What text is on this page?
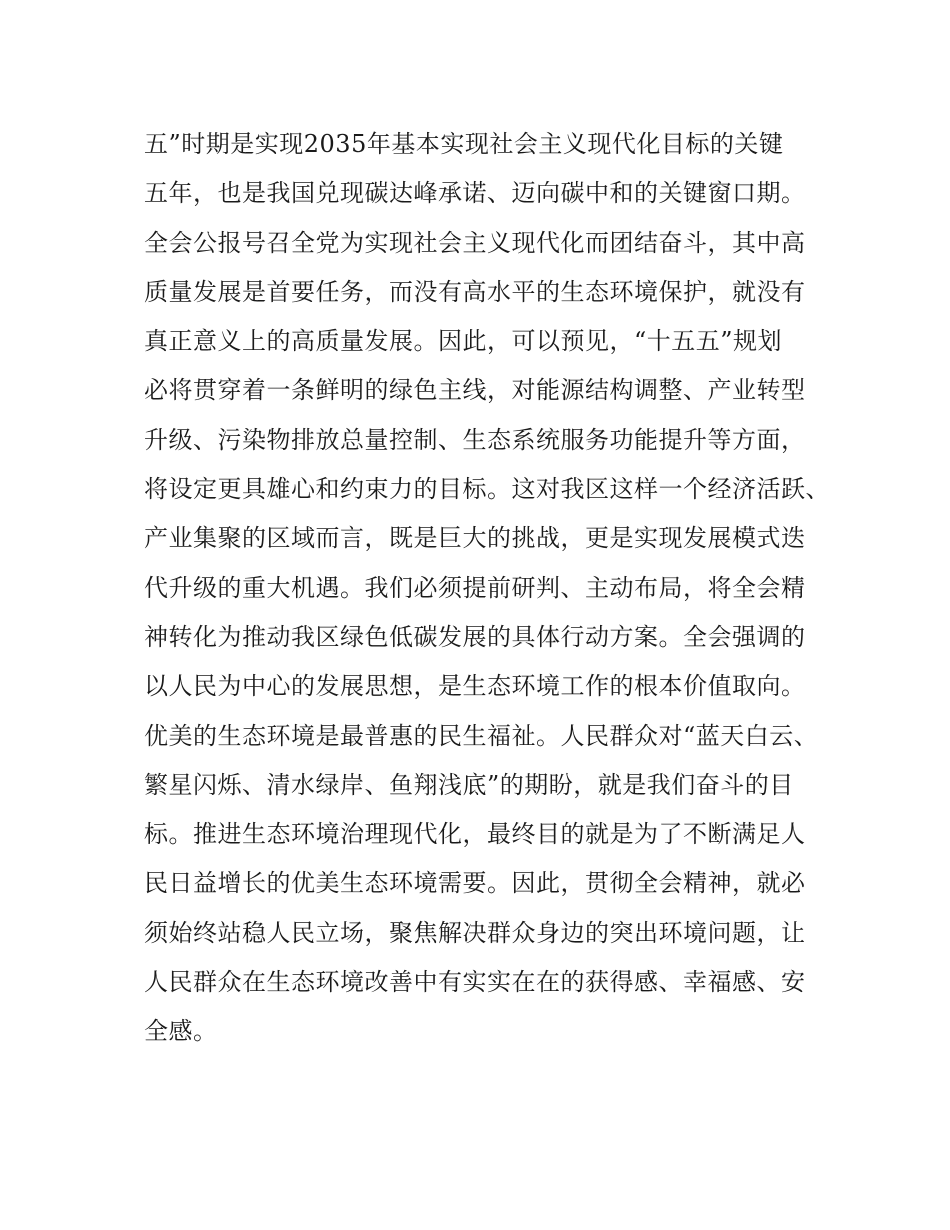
五”时期是实现2035年基本实现社会主义现代化目标的关键
五年，也是我国兑现碳达峰承诺、迈向碳中和的关键窗口期。
全会公报号召全党为实现社会主义现代化而团结奋斗，其中高
质量发展是首要任务，而没有高水平的生态环境保护，就没有
真正意义上的高质量发展。因此，可以预见，“十五五”规划
必将贯穿着一条鲜明的绿色主线，对能源结构调整、产业转型
升级、污染物排放总量控制、生态系统服务功能提升等方面，
将设定更具雄心和约束力的目标。这对我区这样一个经济活跃、
产业集聚的区域而言，既是巨大的挑战，更是实现发展模式迭
代升级的重大机遇。我们必须提前研判、主动布局，将全会精
神转化为推动我区绿色低碳发展的具体行动方案。全会强调的
以人民为中心的发展思想，是生态环境工作的根本价值取向。
优美的生态环境是最普惠的民生福祉。人民群众对“蓝天白云、
繁星闪烁、清水绿岸、鱼翔浅底”的期盼，就是我们奋斗的目
标。推进生态环境治理现代化，最终目的就是为了不断满足人
民日益增长的优美生态环境需要。因此，贯彻全会精神，就必
须始终站稳人民立场，聚焦解决群众身边的突出环境问题，让
人民群众在生态环境改善中有实实在在的获得感、幸福感、安
全感。
